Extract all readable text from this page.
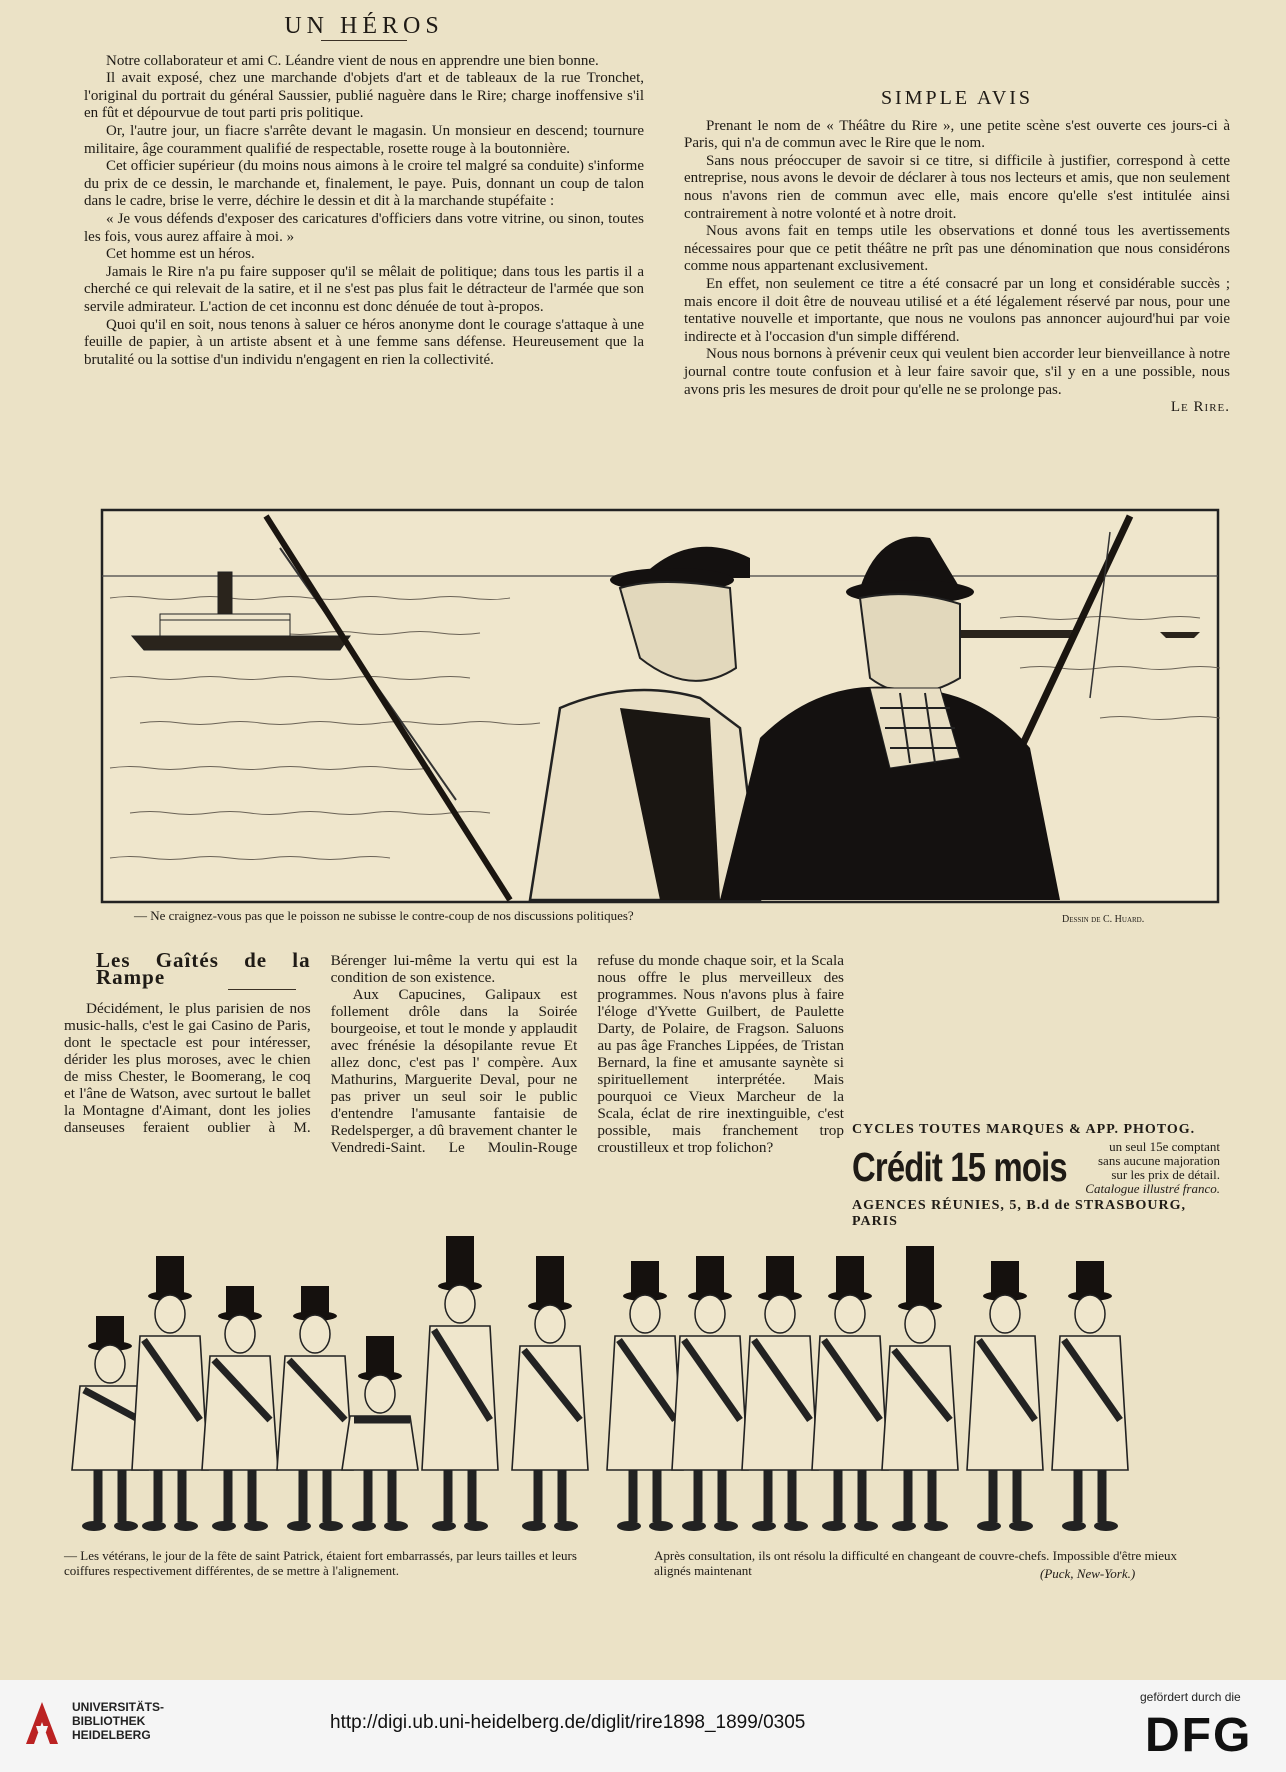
UN HÉROS

Notre collaborateur et ami C. Léandre vient de nous en apprendre une bien bonne.

Il avait exposé, chez une marchande d'objets d'art et de tableaux de la rue Tronchet, l'original du portrait du général Saussier, publié naguère dans le Rire; charge inoffensive s'il en fût et dépourvue de tout parti pris politique.

Or, l'autre jour, un fiacre s'arrête devant le magasin. Un monsieur en descend; tournure militaire, âge couramment qualifié de respectable, rosette rouge à la boutonnière.

Cet officier supérieur (du moins nous aimons à le croire tel malgré sa conduite) s'informe du prix de ce dessin, le marchande et, finalement, le paye. Puis, donnant un coup de talon dans le cadre, brise le verre, déchire le dessin et dit à la marchande stupéfaite :

« Je vous défends d'exposer des caricatures d'officiers dans votre vitrine, ou sinon, toutes les fois, vous aurez affaire à moi. »

Cet homme est un héros.

Jamais le Rire n'a pu faire supposer qu'il se mêlait de politique; dans tous les partis il a cherché ce qui relevait de la satire, et il ne s'est pas plus fait le détracteur de l'armée que son servile admirateur. L'action de cet inconnu est donc dénuée de tout à-propos.

Quoi qu'il en soit, nous tenons à saluer ce héros anonyme dont le courage s'attaque à une feuille de papier, à un artiste absent et à une femme sans défense. Heureusement que la brutalité ou la sottise d'un individu n'engagent en rien la collectivité.

SIMPLE AVIS

Prenant le nom de « Théâtre du Rire », une petite scène s'est ouverte ces jours-ci à Paris, qui n'a de commun avec le Rire que le nom.

Sans nous préoccuper de savoir si ce titre, si difficile à justifier, correspond à cette entreprise, nous avons le devoir de déclarer à tous nos lecteurs et amis, que non seulement nous n'avons rien de commun avec elle, mais encore qu'elle s'est intitulée ainsi contrairement à notre volonté et à notre droit.

Nous avons fait en temps utile les observations et donné tous les avertissements nécessaires pour que ce petit théâtre ne prît pas une dénomination que nous considérons comme nous appartenant exclusivement.

En effet, non seulement ce titre a été consacré par un long et considérable succès ; mais encore il doit être de nouveau utilisé et a été légalement réservé par nous, pour une tentative nouvelle et importante, que nous ne voulons pas annoncer aujourd'hui par voie indirecte et à l'occasion d'un simple différend.

Nous nous bornons à prévenir ceux qui veulent bien accorder leur bienveillance à notre journal contre toute confusion et à leur faire savoir que, s'il y en a une possible, nous avons pris les mesures de droit pour qu'elle ne se prolonge pas.

Le Rire.
— Ne craignez-vous pas que le poisson ne subisse le contre-coup de nos discussions politiques?	Dessin de C. Huard.
Les Gaîtés de la Rampe

Décidément, le plus parisien de nos music-halls, c'est le gai Casino de Paris, dont le spectacle est pour intéresser, dérider les plus moroses, avec le chien de miss Chester, le Boomerang, le coq et l'âne de Watson, avec surtout le ballet la Montagne d'Aimant, dont les jolies danseuses feraient oublier à M. Bérenger lui-même la vertu qui est la condition de son existence.

Aux Capucines, Galipaux est follement drôle dans la Soirée bourgeoise, et tout le monde y applaudit avec frénésie la désopilante revue Et allez donc, c'est pas l' compère. Aux Mathurins, Marguerite Deval, pour ne pas priver un seul soir le public d'entendre l'amusante fantaisie de Redelsperger, a dû bravement chanter le Vendredi-Saint. Le Moulin-Rouge refuse du monde chaque soir, et la Scala nous offre le plus merveilleux des programmes. Nous n'avons plus à faire l'éloge d'Yvette Guilbert, de Paulette Darty, de Polaire, de Fragson. Saluons au pas âge Franches Lippées, de Tristan Bernard, la fine et amusante saynète si spirituellement interprétée. Mais pourquoi ce Vieux Marcheur de la Scala, éclat de rire inextinguible, c'est possible, mais franchement trop croustilleux et trop folichon?

CYCLES TOUTES MARQUES & APP. PHOTOG.
Crédit 15 mois	un seul 15e comptant
sans aucune majoration
sur les prix de détail.
Catalogue illustré franco.
AGENCES RÉUNIES, 5, B.d de STRASBOURG, PARIS
— Les vétérans, le jour de la fête de saint Patrick, étaient fort embarrassés, par leurs tailles et leurs coiffures respectivement différentes, de se mettre à l'alignement.
Après consultation, ils ont résolu la difficulté en changeant de couvre-chefs. Impossible d'être mieux alignés maintenant	(Puck, New-York.)
UNIVERSITÄTS-
BIBLIOTHEK
HEIDELBERG
http://digi.ub.uni-heidelberg.de/diglit/rire1898_1899/0305
gefördert durch die
DFG
